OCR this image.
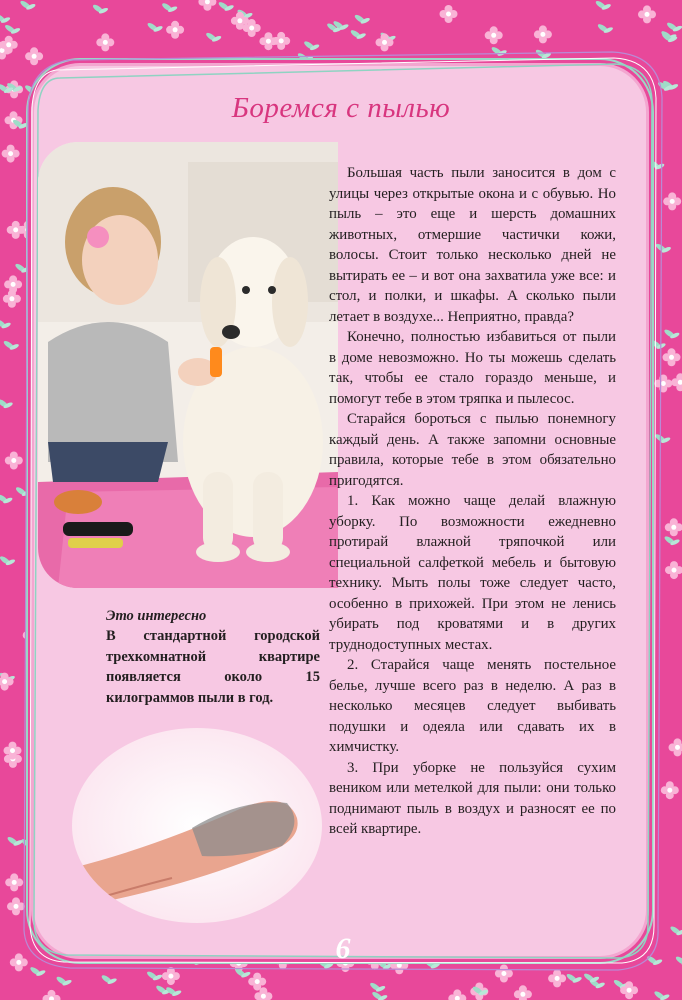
Боремся с пылью

Большая часть пыли заносится в дом с улицы через открытые окона и с обувью. Но пыль – это еще и шерсть домашних животных, отмершие частички кожи, волосы. Стоит только несколько дней не вытирать ее – и вот она захватила уже все: и стол, и полки, и шкафы. А сколько пыли летает в воздухе... Неприятно, правда?

Конечно, полностью избавиться от пыли в доме невозможно. Но ты можешь сделать так, чтобы ее стало гораздо меньше, и помогут тебе в этом тряпка и пылесос.

Старайся бороться с пылью понемногу каждый день. А также запомни основные правила, которые тебе в этом обязательно пригодятся.

1. Как можно чаще делай влажную уборку. По возможности ежедневно протирай влажной тряпочкой или специальной салфеткой мебель и бытовую технику. Мыть полы тоже следует часто, особенно в прихожей. При этом не ленись убирать под кроватями и в других труднодоступных местах.

2. Старайся чаще менять постельное белье, лучше всего раз в неделю. А раз в несколько месяцев следует выбивать подушки и одеяла или сдавать их в химчистку.

3. При уборке не пользуйся сухим веником или метелкой для пыли: они только поднимают пыль в воздух и разносят ее по всей квартире.

Это интересно

В стандартной городской трехкомнатной квартире появляется около 15 килограммов пыли в год.

6
